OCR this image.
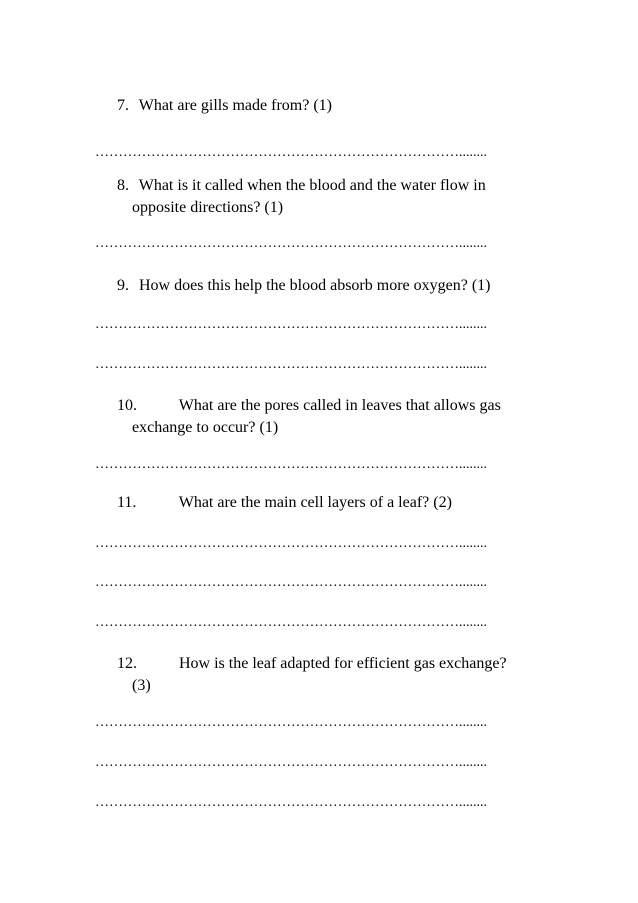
7. What are gills made from? (1)
……………………………………………………………………........
8. What is it called when the blood and the water flow in
opposite directions? (1)
……………………………………………………………………........
9. How does this help the blood absorb more oxygen? (1)
……………………………………………………………………........
……………………………………………………………………........
10.	What are the pores called in leaves that allows gas
exchange to occur? (1)
……………………………………………………………………........
11.	What are the main cell layers of a leaf? (2)
……………………………………………………………………........
……………………………………………………………………........
……………………………………………………………………........
12.	How is the leaf adapted for efficient gas exchange?
(3)
……………………………………………………………………........
……………………………………………………………………........
……………………………………………………………………........
